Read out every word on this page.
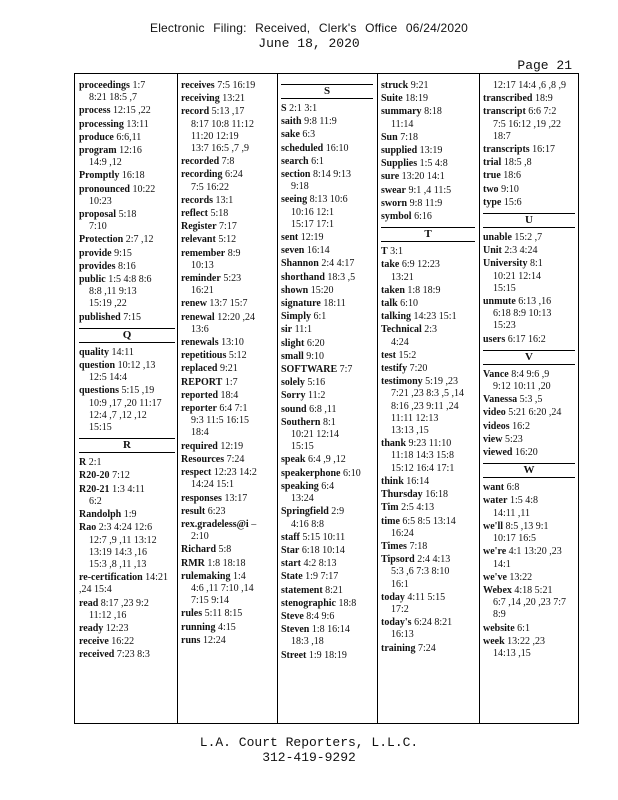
Electronic Filing: Received, Clerk's Office 06/24/2020
June 18, 2020
Page 21
proceedings 1:7
8:21 18:5 ,7
process 12:15 ,22
processing 13:11
produce 6:6,11
program 12:16
14:9 ,12
Promptly 16:18
pronounced 10:22
10:23
proposal 5:18
7:10
Protection 2:7 ,12
provide 9:15
provides 8:16
public 1:5 4:8 8:6
8:8 ,11 9:13
15:19 ,22
published 7:15
Q
quality 14:11
question 10:12 ,13
12:5 14:4
questions 5:15 ,19
10:9 ,17 ,20 11:17
12:4 ,7 ,12 ,12
15:15
R
R 2:1
R20-20 7:12
R20-21 1:3 4:11
6:2
Randolph 1:9
Rao 2:3 4:24 12:6
12:7 ,9 ,11 13:12
13:19 14:3 ,16
15:3 ,8 ,11 ,13
re-certification 14:21 ,24 15:4
read 8:17 ,23 9:2
11:12 ,16
ready 12:23
receive 16:22
received 7:23 8:3
receives 7:5 16:19
receiving 13:21
record 5:13 ,17
8:17 10:8 11:12
11:20 12:19
13:7 16:5 ,7 ,9
recorded 7:8
recording 6:24
7:5 16:22
records 13:1
reflect 5:18
Register 7:17
relevant 5:12
remember 8:9
10:13
reminder 5:23
16:21
renew 13:7 15:7
renewal 12:20 ,24
13:6
renewals 13:10
repetitious 5:12
replaced 9:21
REPORT 1:7
reported 18:4
reporter 6:4 7:1
9:3 11:5 16:15
18:4
required 12:19
Resources 7:24
respect 12:23 14:2
14:24 15:1
responses 13:17
result 6:23
rex.gradeless@i –
2:10
Richard 5:8
RMR 1:8 18:18
rulemaking 1:4
4:6 ,11 7:10 ,14
7:15 9:14
rules 5:11 8:15
running 4:15
runs 12:24
S
S 2:1 3:1
saith 9:8 11:9
sake 6:3
scheduled 16:10
search 6:1
section 8:14 9:13
9:18
seeing 8:13 10:6
10:16 12:1
15:17 17:1
sent 12:19
seven 16:14
Shannon 2:4 4:17
shorthand 18:3 ,5
shown 15:20
signature 18:11
Simply 6:1
sir 11:1
slight 6:20
small 9:10
SOFTWARE 7:7
solely 5:16
Sorry 11:2
sound 6:8 ,11
Southern 8:1
10:21 12:14
15:15
speak 6:4 ,9 ,12
speakerphone 6:10
speaking 6:4
13:24
Springfield 2:9
4:16 8:8
staff 5:15 10:11
Star 6:18 10:14
start 4:2 8:13
State 1:9 7:17
statement 8:21
stenographic 18:8
Steve 8:4 9:6
Steven 1:8 16:14
18:3 ,18
Street 1:9 18:19
struck 9:21
Suite 18:19
summary 8:18
11:14
Sun 7:18
supplied 13:19
Supplies 1:5 4:8
sure 13:20 14:1
swear 9:1 ,4 11:5
sworn 9:8 11:9
symbol 6:16
T
T 3:1
take 6:9 12:23
13:21
taken 1:8 18:9
talk 6:10
talking 14:23 15:1
Technical 2:3
4:24
test 15:2
testify 7:20
testimony 5:19 ,23
7:21 ,23 8:3 ,5 ,14
8:16 ,23 9:11 ,24
11:11 12:13
13:13 ,15
thank 9:23 11:10
11:18 14:3 15:8
15:12 16:4 17:1
think 16:14
Thursday 16:18
Tim 2:5 4:13
time 6:5 8:5 13:14
16:24
Times 7:18
Tipsord 2:4 4:13
5:3 ,6 7:3 8:10
16:1
today 4:11 5:15
17:2
today's 6:24 8:21
16:13
training 7:24
12:17 14:4 ,6 ,8 ,9
transcribed 18:9
transcript 6:6 7:2
7:5 16:12 ,19 ,22
18:7
transcripts 16:17
trial 18:5 ,8
true 18:6
two 9:10
type 15:6
U
unable 15:2 ,7
Unit 2:3 4:24
University 8:1
10:21 12:14
15:15
unmute 6:13 ,16
6:18 8:9 10:13
15:23
users 6:17 16:2
V
Vance 8:4 9:6 ,9
9:12 10:11 ,20
Vanessa 5:3 ,5
video 5:21 6:20 ,24
videos 16:2
view 5:23
viewed 16:20
W
want 6:8
water 1:5 4:8
14:11 ,11
we'll 8:5 ,13 9:1
10:17 16:5
we're 4:1 13:20 ,23
14:1
we've 13:22
Webex 4:18 5:21
6:7 ,14 ,20 ,23 7:7
8:9
website 6:1
week 13:22 ,23
14:13 ,15
L.A. Court Reporters, L.L.C.
312-419-9292
